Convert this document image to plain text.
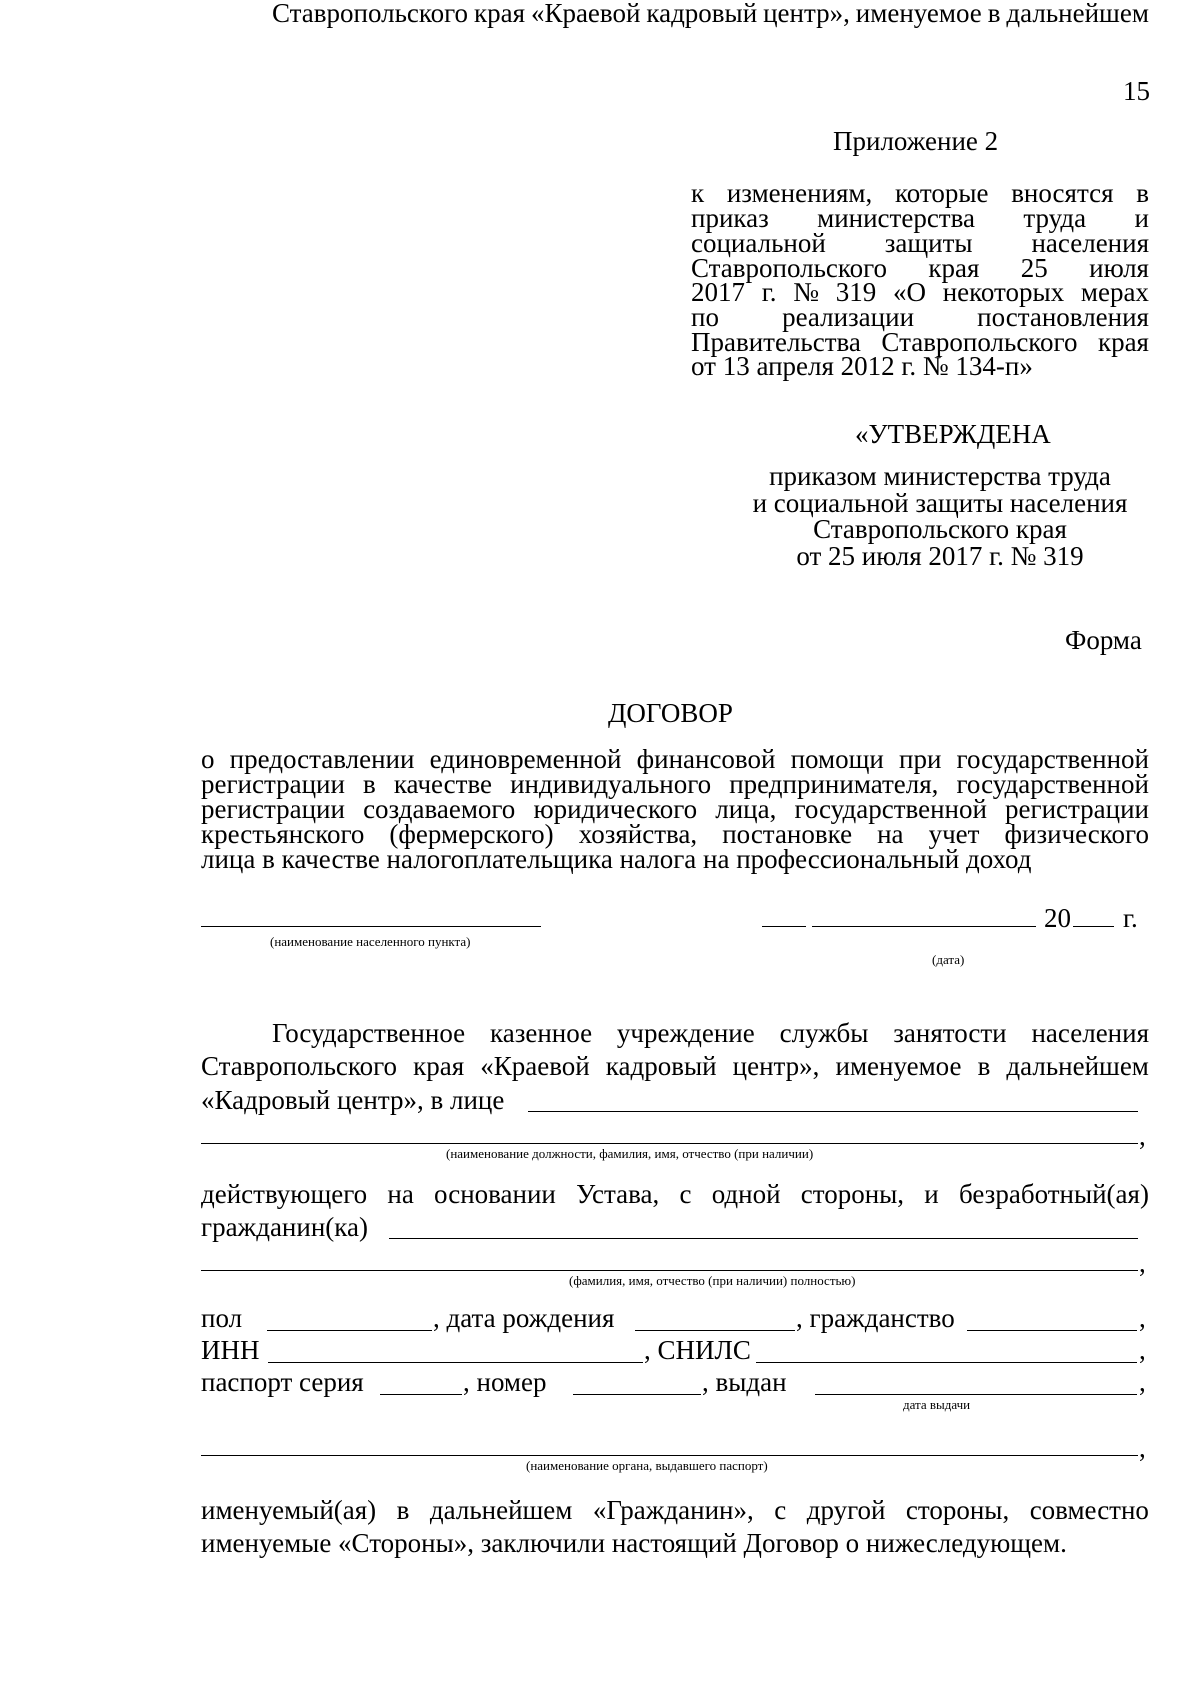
15
Приложение 2
к изменениям, которые вносятся в
приказ министерства труда и
социальной защиты населения
Ставропольского края 25 июля
2017 г. № 319 «О некоторых мерах
по реализации постановления
Правительства Ставропольского края
от 13 апреля 2012 г. № 134-п»
«УТВЕРЖДЕНА
приказом министерства труда
и социальной защиты населения
Ставропольского края
от 25 июля 2017 г. № 319
Форма
ДОГОВОР
о предоставлении единовременной финансовой помощи при государственной
регистрации в качестве индивидуального предпринимателя, государственной
регистрации создаваемого юридического лица, государственной регистрации
крестьянского (фермерского) хозяйства, постановке на учет физического
лица в качестве налогоплательщика налога на профессиональный доход
(наименование населенного пункта)
20 г.
(дата)
Государственное казенное учреждение службы занятости населения
Ставропольского края «Краевой кадровый центр», именуемое в дальнейшем
Ставропольского края «Краевой кадровый центр», именуемое в дальнейшем
«Кадровый центр», в лице
,
(наименование должности, фамилия, имя, отчество (при наличии)
действующего на основании Устава, с одной стороны, и безработный(ая)
гражданин(ка)
,
(фамилия, имя, отчество (при наличии) полностью)
пол	, дата рождения	, гражданство	,
ИНН	, СНИЛС	,
паспорт серия	, номер	, выдан	,
дата выдачи
,
(наименование органа, выдавшего паспорт)
именуемый(ая) в дальнейшем «Гражданин», с другой стороны, совместно
именуемые «Стороны», заключили настоящий Договор о нижеследующем.
